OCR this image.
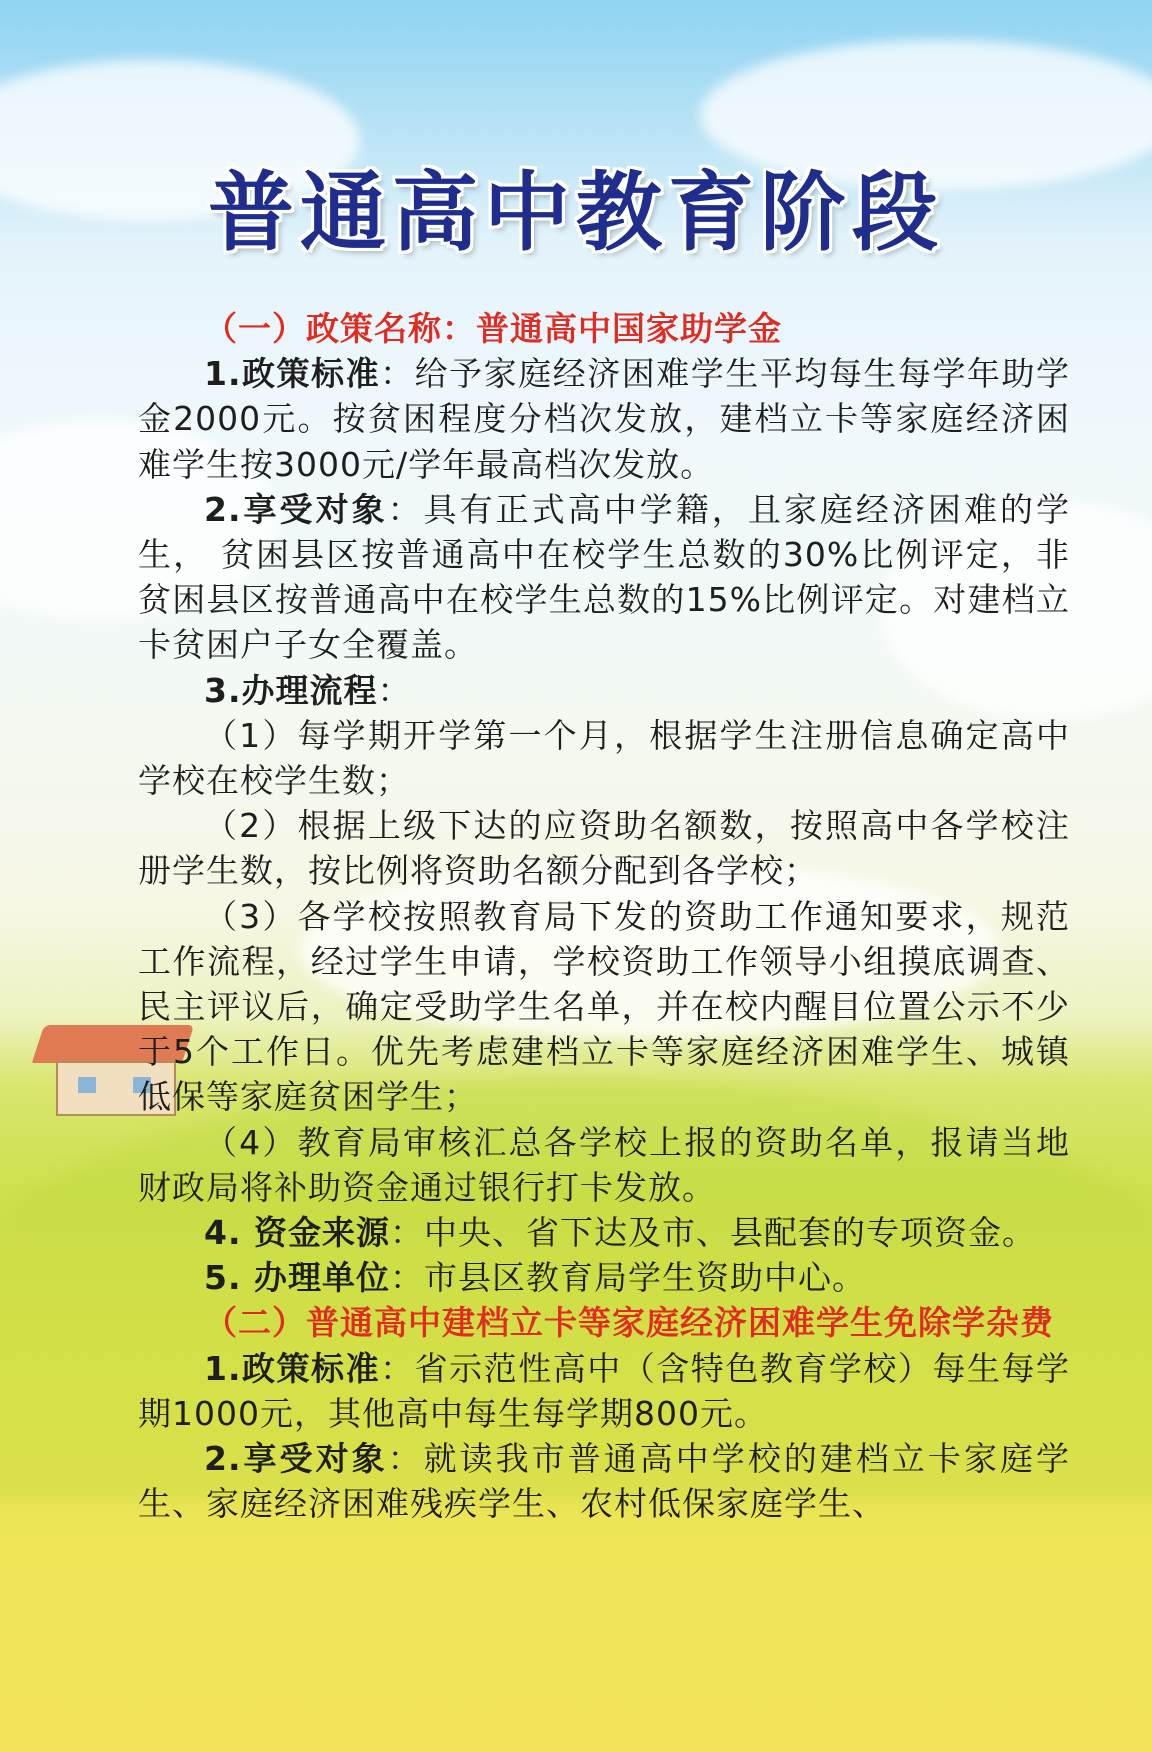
普通高中教育阶段

（一）政策名称：普通高中国家助学金

1.政策标准：给予家庭经济困难学生平均每生每学年助学金2000元。按贫困程度分档次发放，建档立卡等家庭经济困难学生按3000元/学年最高档次发放。

2.享受对象：具有正式高中学籍，且家庭经济困难的学生， 贫困县区按普通高中在校学生总数的30%比例评定，非贫困县区按普通高中在校学生总数的15%比例评定。对建档立卡贫困户子女全覆盖。

3.办理流程：

（1）每学期开学第一个月，根据学生注册信息确定高中学校在校学生数；

（2）根据上级下达的应资助名额数，按照高中各学校注册学生数，按比例将资助名额分配到各学校；

（3）各学校按照教育局下发的资助工作通知要求，规范工作流程，经过学生申请，学校资助工作领导小组摸底调查、民主评议后，确定受助学生名单，并在校内醒目位置公示不少于5个工作日。优先考虑建档立卡等家庭经济困难学生、城镇低保等家庭贫困学生；

（4）教育局审核汇总各学校上报的资助名单，报请当地财政局将补助资金通过银行打卡发放。

4. 资金来源：中央、省下达及市、县配套的专项资金。

5. 办理单位：市县区教育局学生资助中心。

（二）普通高中建档立卡等家庭经济困难学生免除学杂费

1.政策标准：省示范性高中（含特色教育学校）每生每学期1000元，其他高中每生每学期800元。

2.享受对象：就读我市普通高中学校的建档立卡家庭学生、家庭经济困难残疾学生、农村低保家庭学生、
